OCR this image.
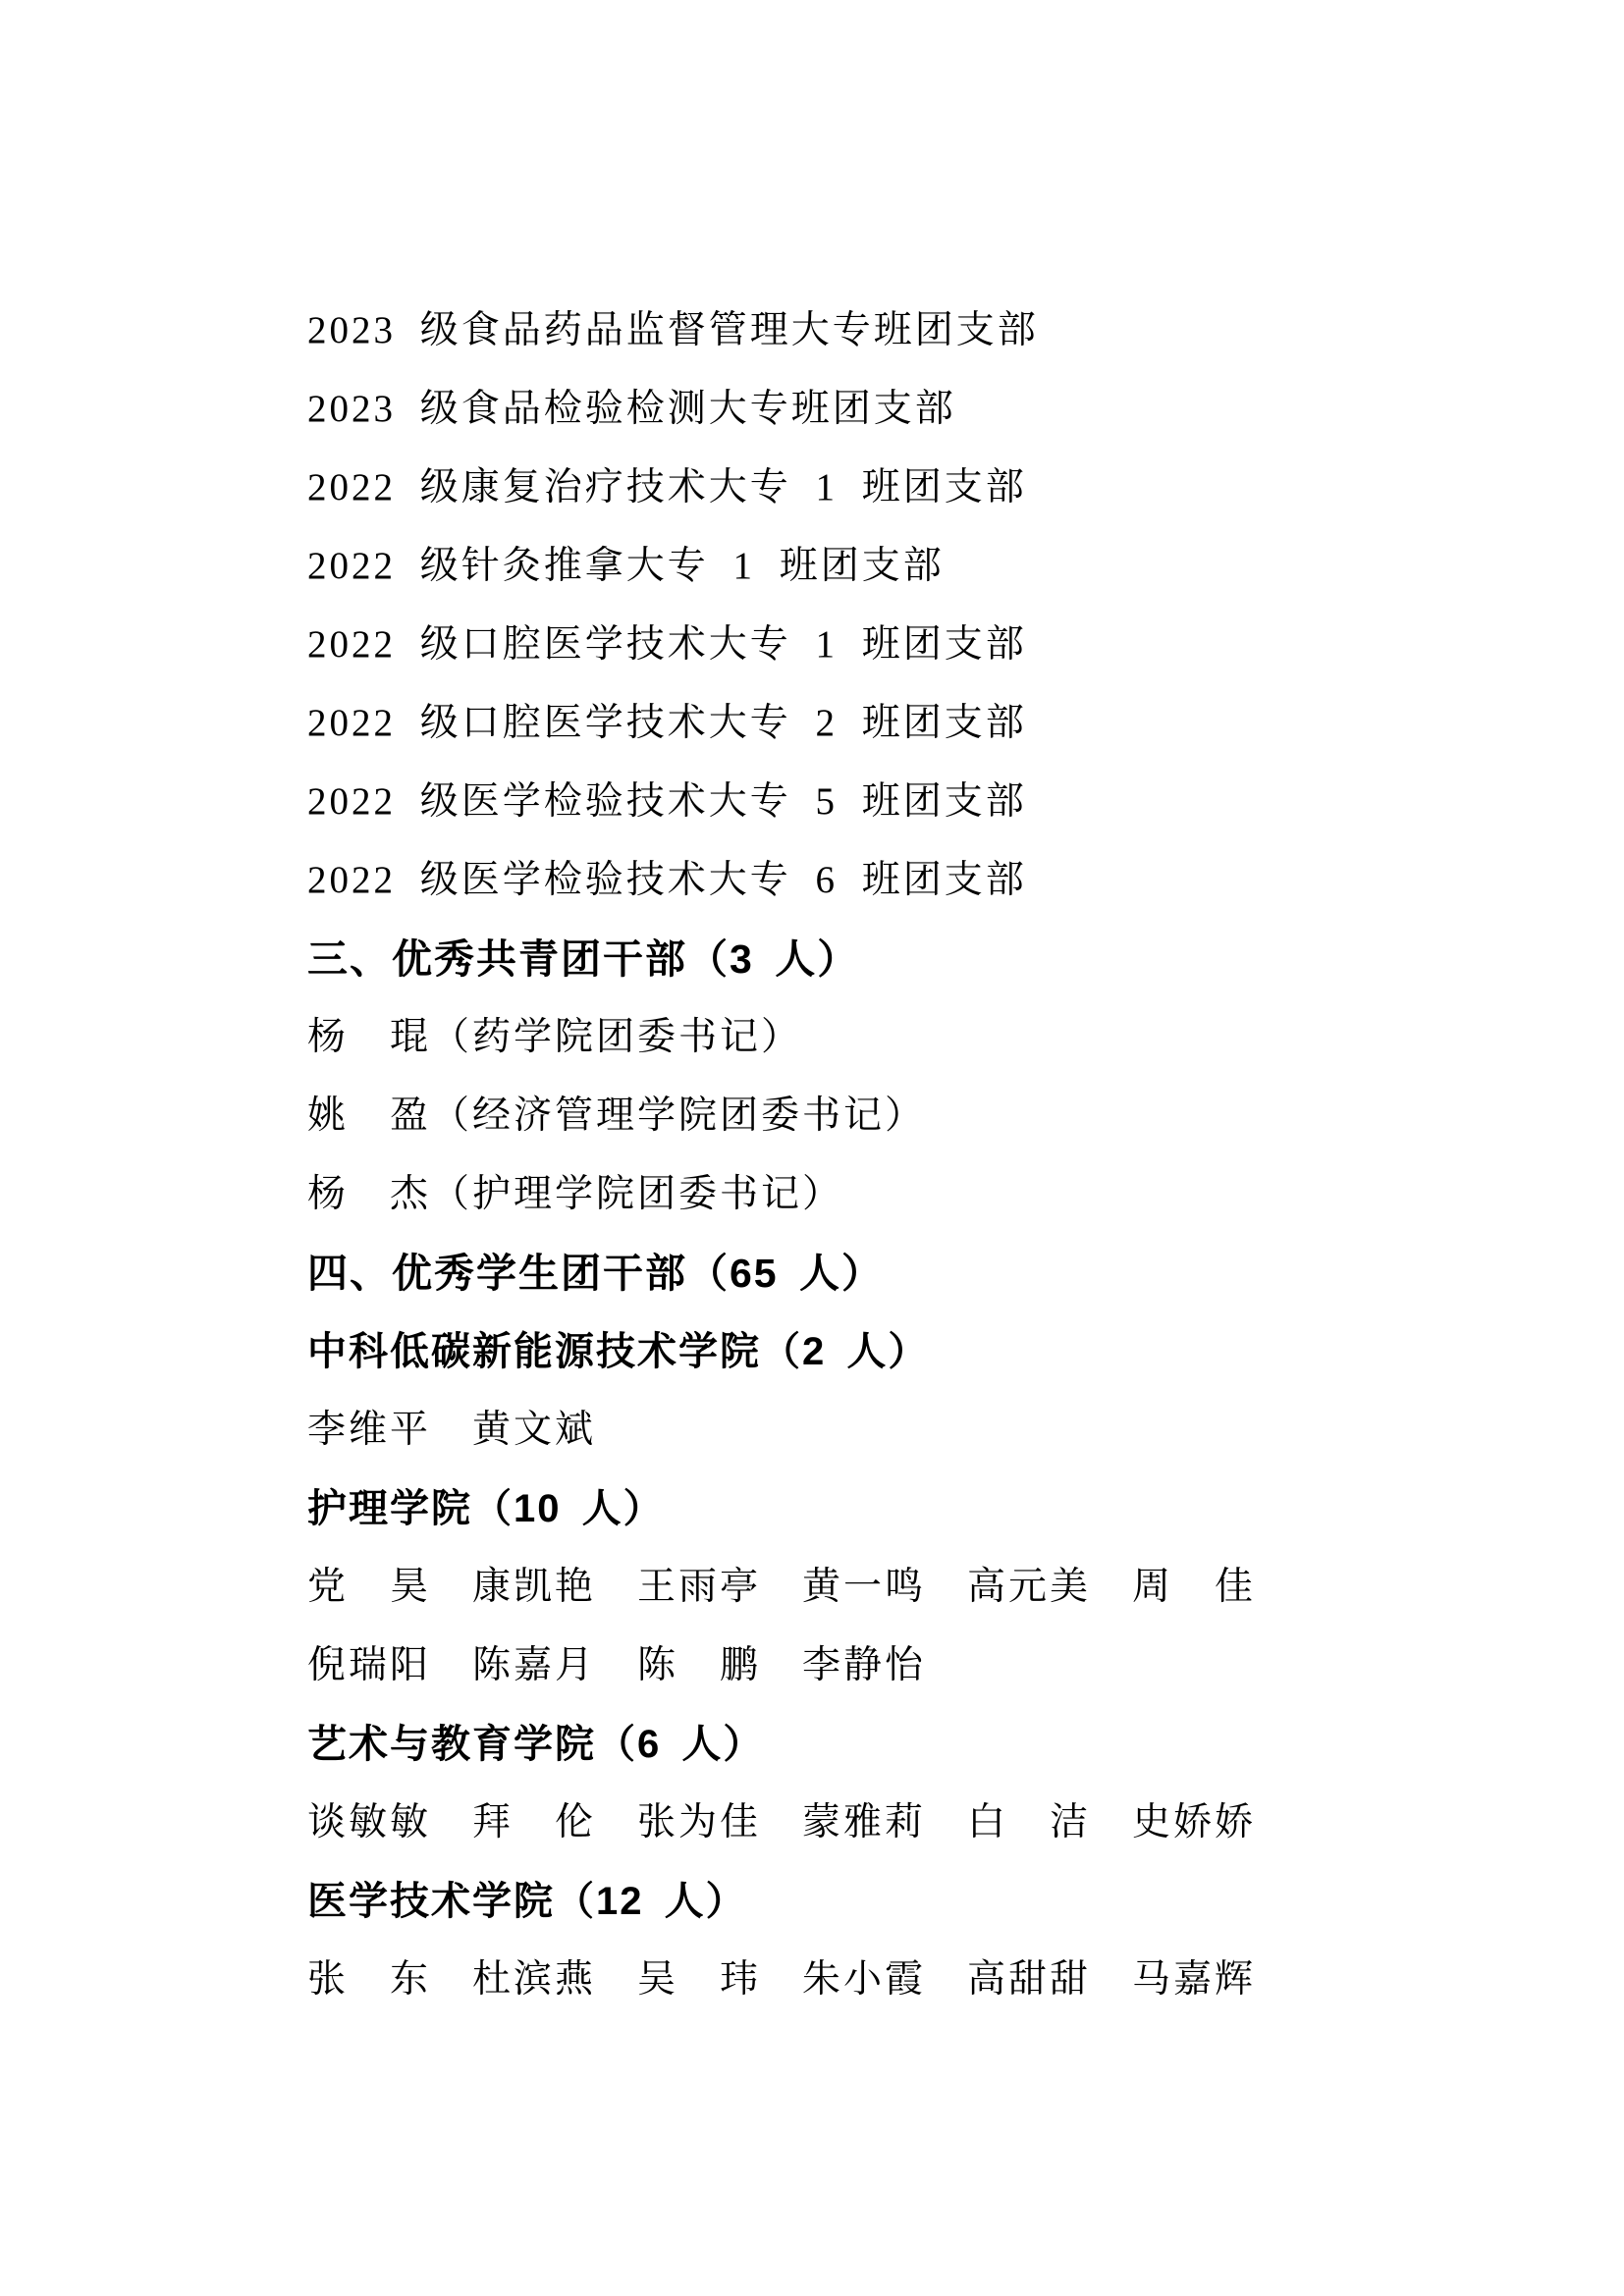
2023 级食品药品监督管理大专班团支部
2023 级食品检验检测大专班团支部
2022 级康复治疗技术大专 1 班团支部
2022 级针灸推拿大专 1 班团支部
2022 级口腔医学技术大专 1 班团支部
2022 级口腔医学技术大专 2 班团支部
2022 级医学检验技术大专 5 班团支部
2022 级医学检验技术大专 6 班团支部
三、优秀共青团干部（3 人）
杨　琨（药学院团委书记）
姚　盈（经济管理学院团委书记）
杨　杰（护理学院团委书记）
四、优秀学生团干部（65 人）
中科低碳新能源技术学院（2 人）
李维平　黄文斌
护理学院（10 人）
党　昊　康凯艳　王雨亭　黄一鸣　高元美　周　佳
倪瑞阳　陈嘉月　陈　鹏　李静怡
艺术与教育学院（6 人）
谈敏敏　拜　伦　张为佳　蒙雅莉　白　洁　史娇娇
医学技术学院（12 人）
张　东　杜滨燕　吴　玮　朱小霞　高甜甜　马嘉辉
